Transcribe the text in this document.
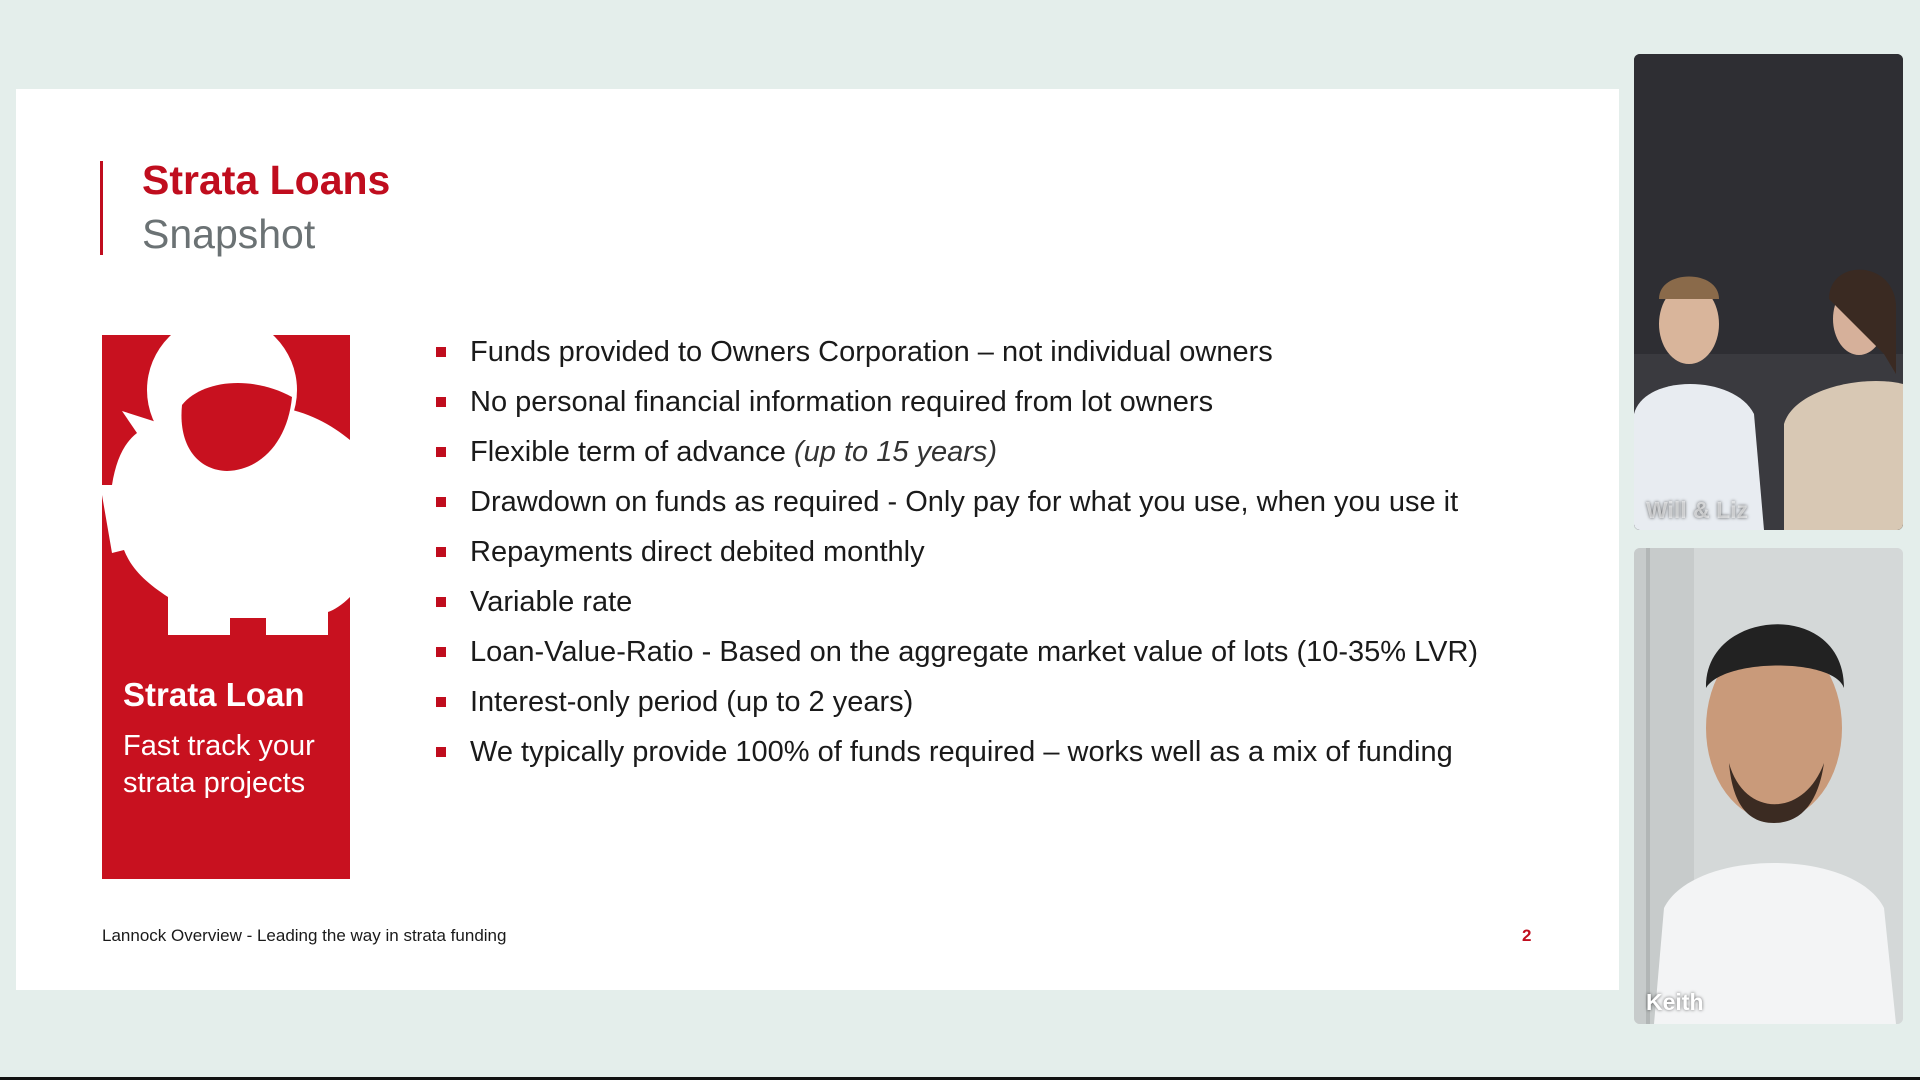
Strata Loans
Snapshot
Strata Loan
Fast track your
strata projects
Funds provided to Owners Corporation – not individual owners
No personal financial information required from lot owners
Flexible term of advance (up to 15 years)
Drawdown on funds as required - Only pay for what you use, when you use it
Repayments direct debited monthly
Variable rate
Loan-Value-Ratio - Based on the aggregate market value of lots (10-35% LVR)
Interest-only period (up to 2 years)
We typically provide 100% of funds required – works well as a mix of funding
Lannock Overview - Leading the way in strata funding	2
Will & Liz
Keith
